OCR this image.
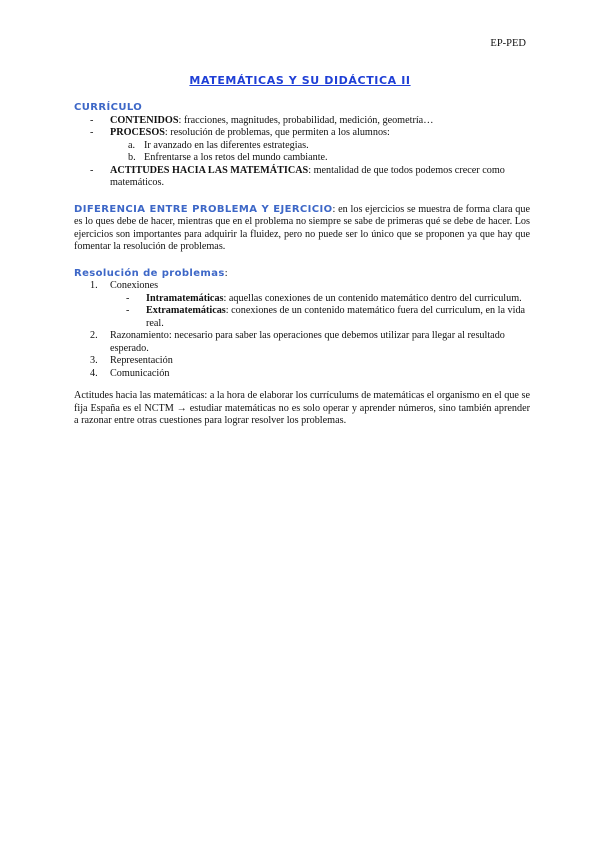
EP-PED
MATEMÁTICAS Y SU DIDÁCTICA II
CURRÍCULO
- CONTENIDOS: fracciones, magnitudes, probabilidad, medición, geometría…
- PROCESOS: resolución de problemas, que permiten a los alumnos:
a. Ir avanzado en las diferentes estrategias.
b. Enfrentarse a los retos del mundo cambiante.
- ACTITUDES HACIA LAS MATEMÁTICAS: mentalidad de que todos podemos crecer como matemáticos.
DIFERENCIA ENTRE PROBLEMA Y EJERCICIO: en los ejercicios se muestra de forma clara que es lo ques debe de hacer, mientras que en el problema no siempre se sabe de primeras qué se debe de hacer. Los ejercicios son importantes para adquirir la fluidez, pero no puede ser lo único que se proponen ya que hay que fomentar la resolución de problemas.
Resolución de problemas:
1. Conexiones
- Intramatemáticas: aquellas conexiones de un contenido matemático dentro del curriculum.
- Extramatemáticas: conexiones de un contenido matemático fuera del curriculum, en la vida real.
2. Razonamiento: necesario para saber las operaciones que debemos utilizar para llegar al resultado esperado.
3. Representación
4. Comunicación
Actitudes hacia las matemáticas: a la hora de elaborar los currículums de matemáticas el organismo en el que se fija España es el NCTM → estudiar matemáticas no es solo operar y aprender números, sino también aprender a razonar entre otras cuestiones para lograr resolver los problemas.
